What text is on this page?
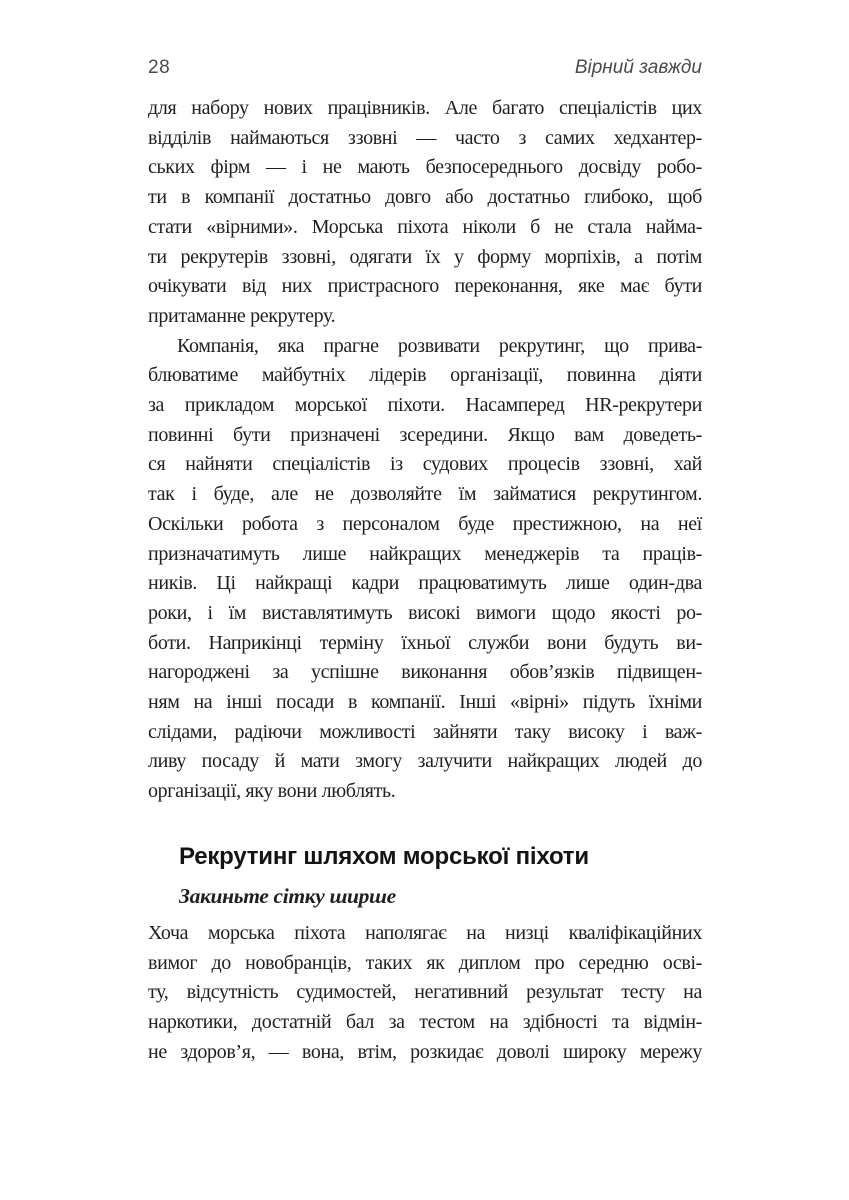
28	Вірний завжди
для набору нових працівників. Але багато спеціалістів цих
відділів наймаються ззовні — часто з самих хедхантер-
ських фірм — і не мають безпосереднього досвіду робо-
ти в компанії достатньо довго або достатньо глибоко, щоб
стати «вірними». Морська піхота ніколи б не стала найма-
ти рекрутерів ззовні, одягати їх у форму морпіхів, а потім
очікувати від них пристрасного переконання, яке має бути
притаманне рекрутеру.
Компанія, яка прагне розвивати рекрутинг, що прива-
блюватиме майбутніх лідерів організації, повинна діяти
за прикладом морської піхоти. Насамперед HR-рекрутери
повинні бути призначені зсередини. Якщо вам доведеть-
ся найняти спеціалістів із судових процесів ззовні, хай
так і буде, але не дозволяйте їм займатися рекрутингом.
Оскільки робота з персоналом буде престижною, на неї
призначатимуть лише найкращих менеджерів та праців-
ників. Ці найкращі кадри працюватимуть лише один-два
роки, і їм виставлятимуть високі вимоги щодо якості ро-
боти. Наприкінці терміну їхньої служби вони будуть ви-
нагороджені за успішне виконання обов’язків підвищен-
ням на інші посади в компанії. Інші «вірні» підуть їхніми
слідами, радіючи можливості зайняти таку високу і важ-
ливу посаду й мати змогу залучити найкращих людей до
організації, яку вони люблять.
Рекрутинг шляхом морської піхоти
Закиньте сітку ширше
Хоча морська піхота наполягає на низці кваліфікаційних
вимог до новобранців, таких як диплом про середню осві-
ту, відсутність судимостей, негативний результат тесту на
наркотики, достатній бал за тестом на здібності та відмін-
не здоров’я, — вона, втім, розкидає доволі широку мережу
